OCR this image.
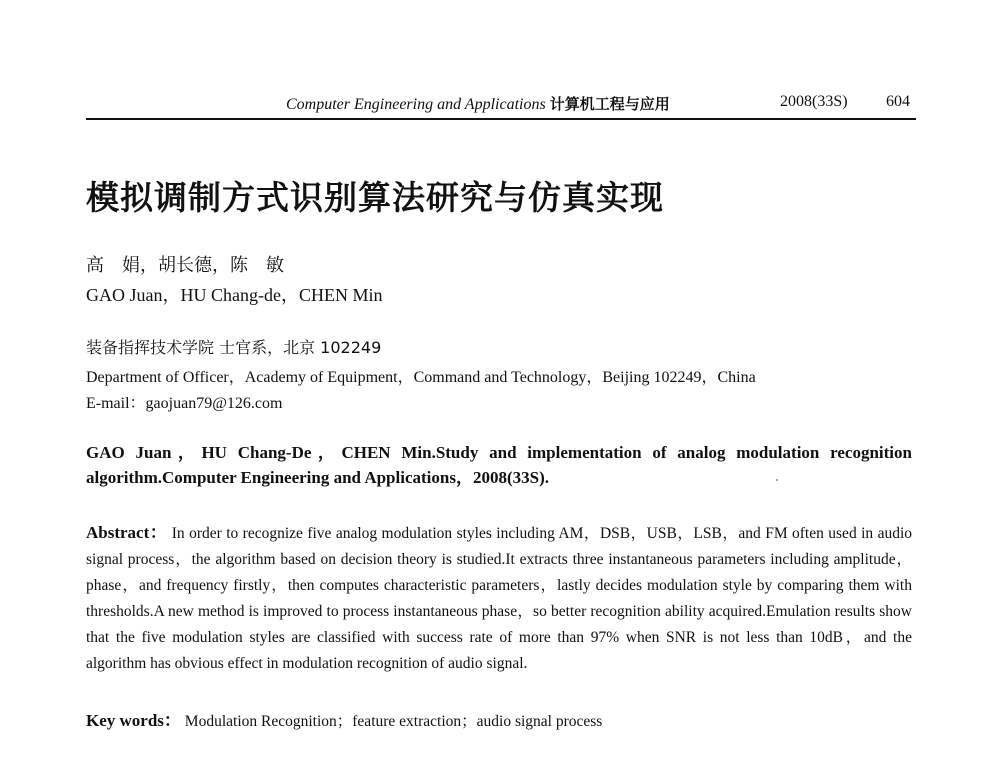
Computer Engineering and Applications 计算机工程与应用	2008(33S) 604
模拟调制方式识别算法研究与仿真实现
高　娟，胡长德，陈　敏
GAO Juan，HU Chang-de，CHEN Min
装备指挥技术学院 士官系，北京 102249
Department of Officer，Academy of Equipment，Command and Technology，Beijing 102249，China
E-mail：gaojuan79@126.com
GAO Juan，HU Chang-De，CHEN Min.Study and implementation of analog modulation recognition algorithm.Computer Engineering and Applications，2008(33S).
Abstract： In order to recognize five analog modulation styles including AM，DSB，USB，LSB，and FM often used in audio signal process，the algorithm based on decision theory is studied.It extracts three instantaneous parameters including amplitude，phase，and frequency firstly，then computes characteristic parameters，lastly decides modulation style by comparing them with thresholds.A new method is improved to process instantaneous phase，so better recognition ability acquired.Emulation results show that the five modulation styles are classified with success rate of more than 97% when SNR is not less than 10dB，and the algorithm has obvious effect in modulation recognition of audio signal.
Key words： Modulation Recognition；feature extraction；audio signal process
